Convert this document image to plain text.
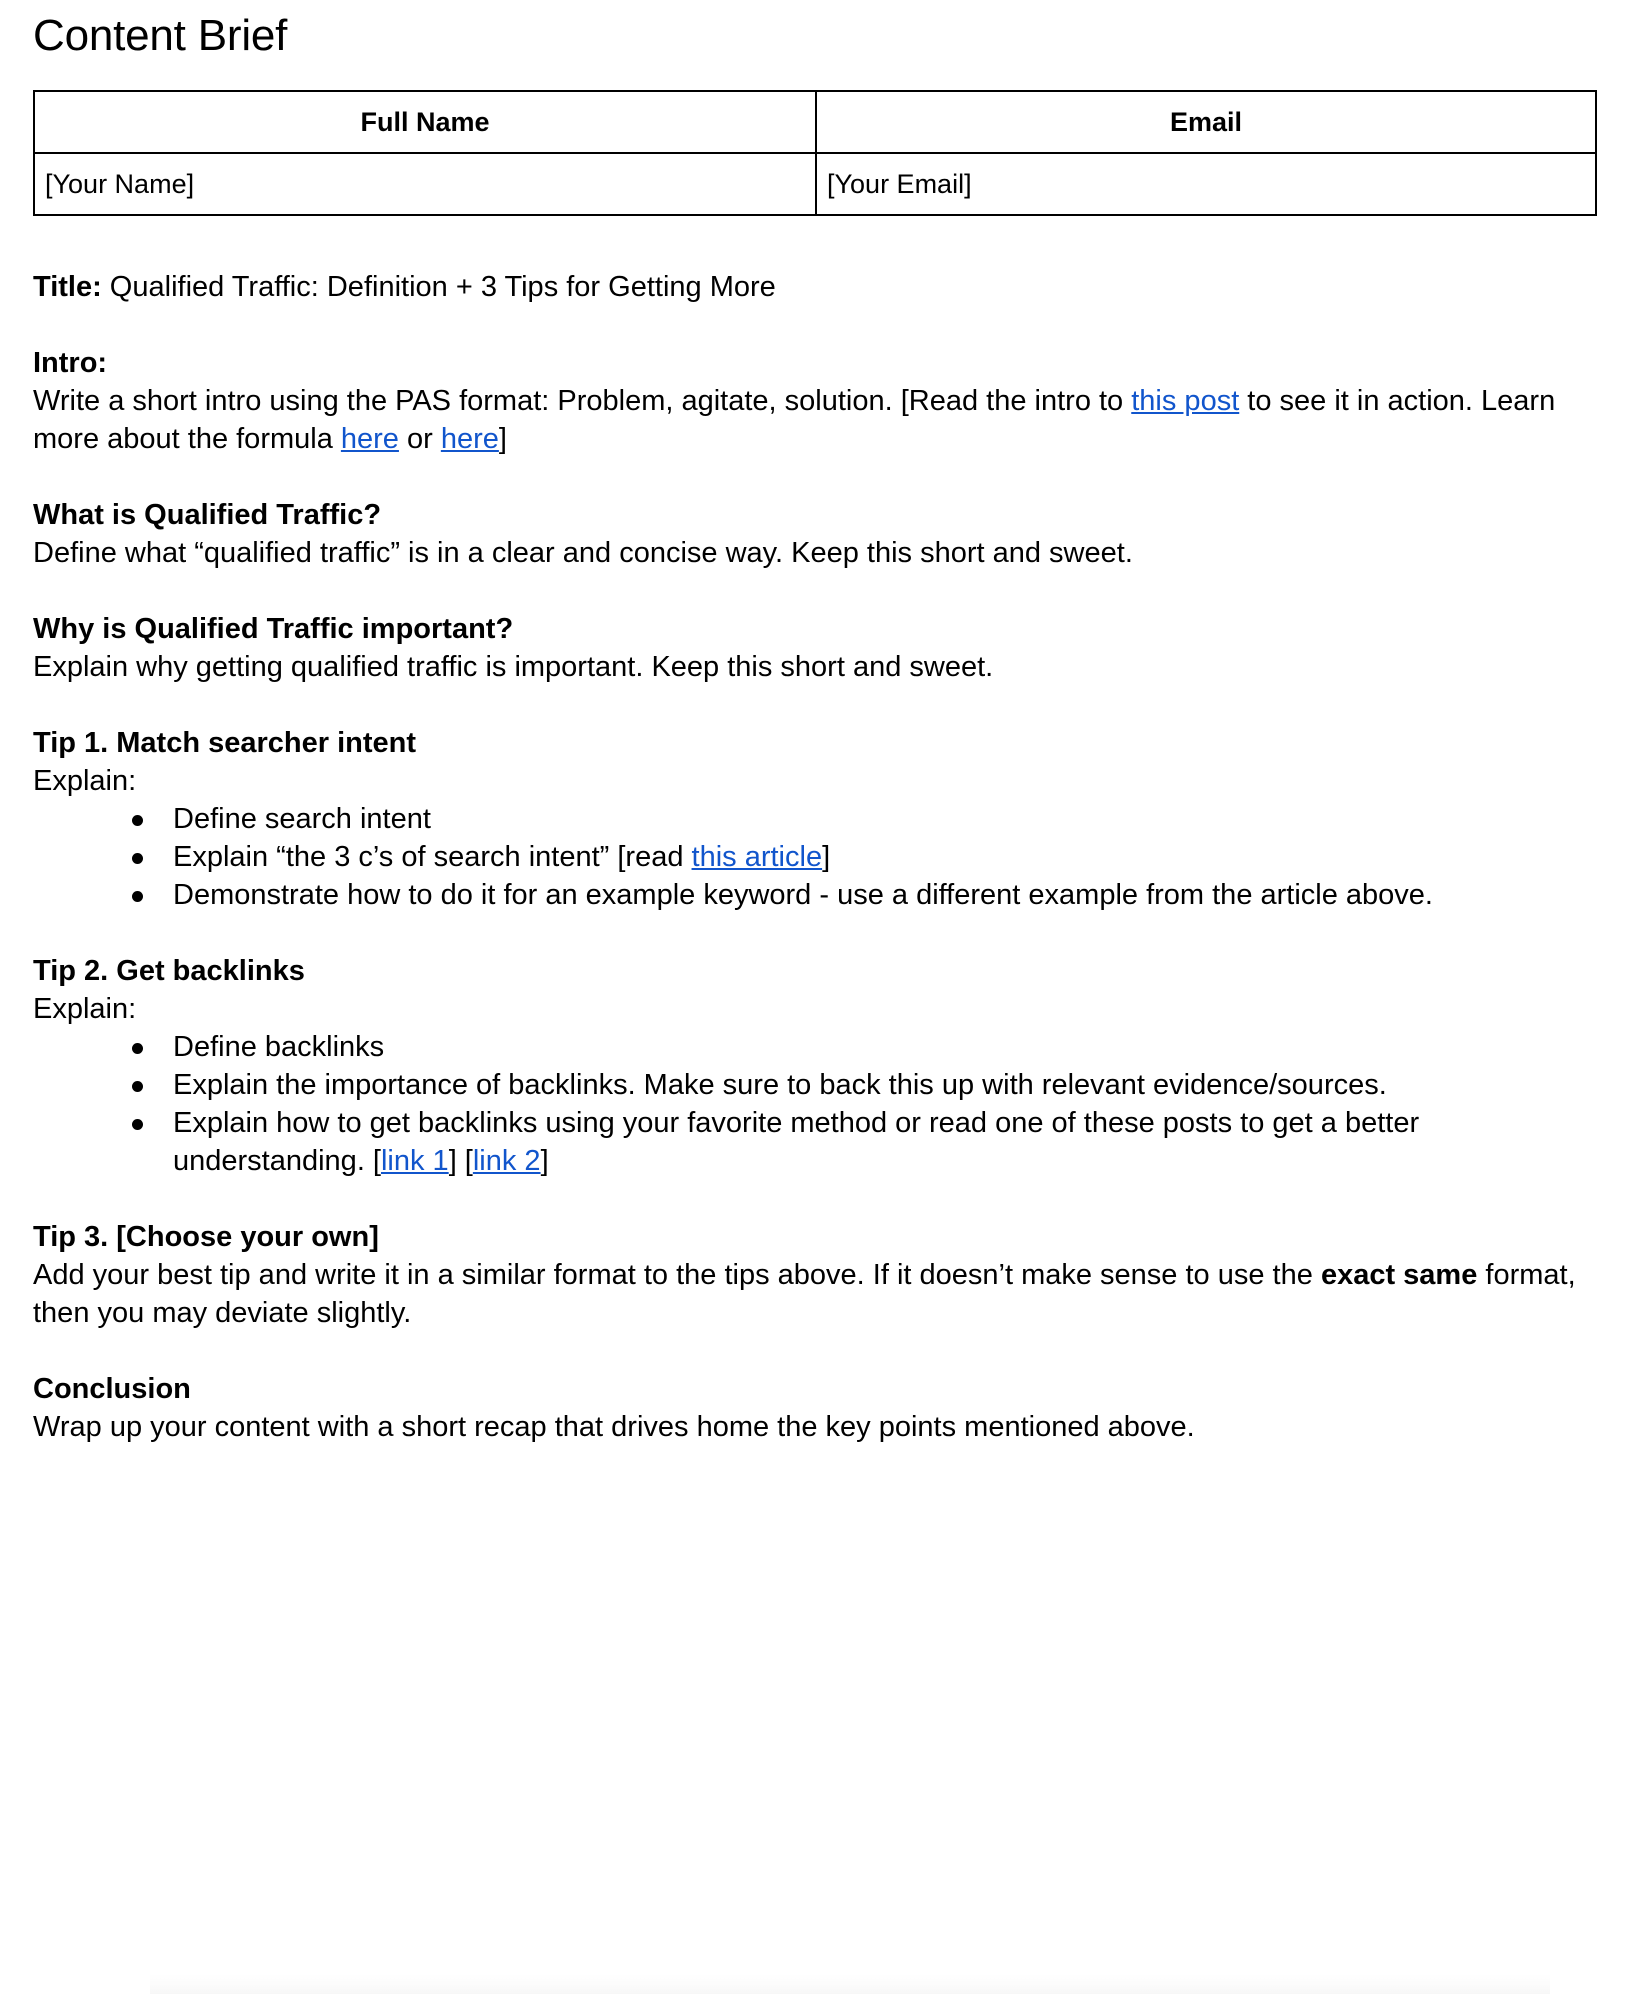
Content Brief
Full Name	Email
[Your Name]	[Your Email]

Title: Qualified Traffic: Definition + 3 Tips for Getting More

Intro:

Write a short intro using the PAS format: Problem, agitate, solution. [Read the intro to this post to see it in action. Learn more about the formula here or here]

What is Qualified Traffic?

Define what “qualified traffic” is in a clear and concise way. Keep this short and sweet.

Why is Qualified Traffic important?

Explain why getting qualified traffic is important. Keep this short and sweet.

Tip 1. Match searcher intent

Explain:

Define search intent
Explain “the 3 c’s of search intent” [read this article]
Demonstrate how to do it for an example keyword - use a different example from the article above.

Tip 2. Get backlinks

Explain:

Define backlinks
Explain the importance of backlinks. Make sure to back this up with relevant evidence/sources.
Explain how to get backlinks using your favorite method or read one of these posts to get a better understanding. [link 1] [link 2]

Tip 3. [Choose your own]

Add your best tip and write it in a similar format to the tips above. If it doesn’t make sense to use the exact same format, then you may deviate slightly.

Conclusion

Wrap up your content with a short recap that drives home the key points mentioned above.
